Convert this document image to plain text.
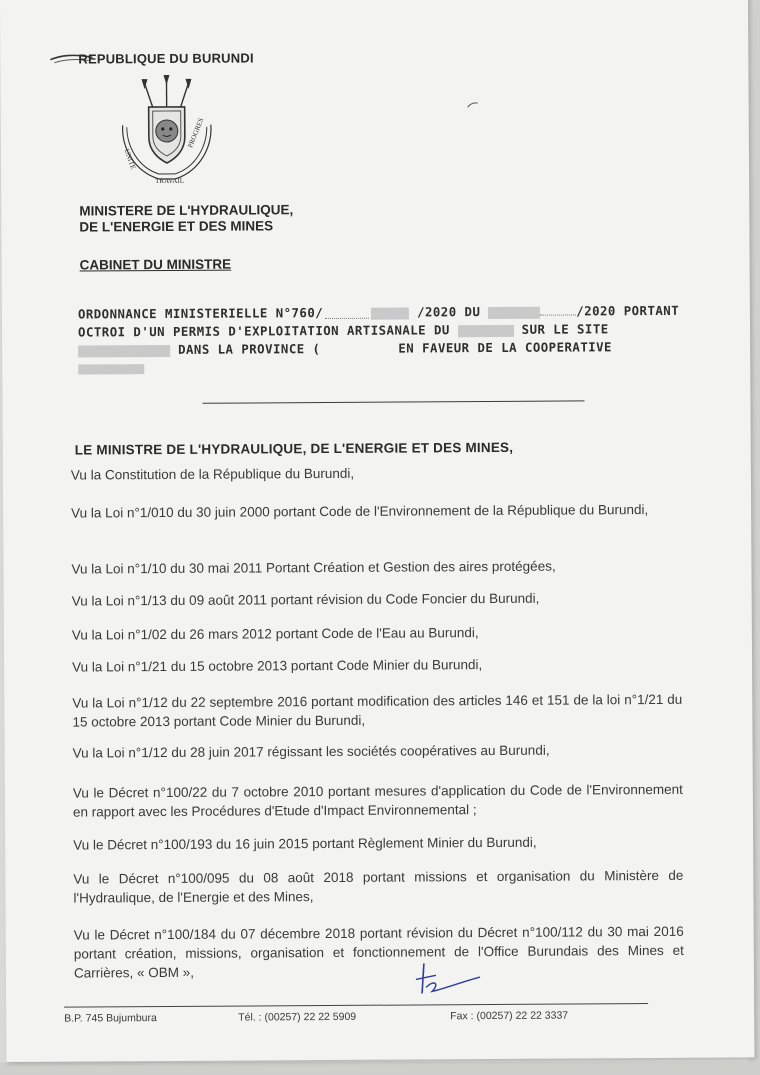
REPUBLIQUE DU BURUNDI
UNITE
TRAVAIL
PROGRES
MINISTERE DE L'HYDRAULIQUE,
DE L'ENERGIE ET DES MINES
CABINET DU MINISTRE
ORDONNANCE MINISTERIELLE N°760/	/2020 DU	/2020 PORTANT
OCTROI D'UN PERMIS D'EXPLOITATION ARTISANALE DU	SUR LE SITE
DANS LA PROVINCE (	EN FAVEUR DE LA COOPERATIVE
LE MINISTRE DE L'HYDRAULIQUE, DE L'ENERGIE ET DES MINES,
Vu la Constitution de la République du Burundi,
Vu la Loi n°1/010 du 30 juin 2000 portant Code de l'Environnement de la République du Burundi,
Vu la Loi n°1/10 du 30 mai 2011 Portant Création et Gestion des aires protégées,
Vu la Loi n°1/13 du 09 août 2011 portant révision du Code Foncier du Burundi,
Vu la Loi n°1/02 du 26 mars 2012 portant Code de l'Eau au Burundi,
Vu la Loi n°1/21 du 15 octobre 2013 portant Code Minier du Burundi,
Vu la Loi n°1/12 du 22 septembre 2016 portant modification des articles 146 et 151 de la loi n°1/21 du 15 octobre 2013 portant Code Minier du Burundi,
Vu la Loi n°1/12 du 28 juin 2017 régissant les sociétés coopératives au Burundi,
Vu le Décret n°100/22 du 7 octobre 2010 portant mesures d'application du Code de l'Environnement en rapport avec les Procédures d'Etude d'Impact Environnemental ;
Vu le Décret n°100/193 du 16 juin 2015 portant Règlement Minier du Burundi,
Vu le Décret n°100/095 du 08 août 2018 portant missions et organisation du Ministère de l'Hydraulique, de l'Energie et des Mines,
Vu le Décret n°100/184 du 07 décembre 2018 portant révision du Décret n°100/112 du 30 mai 2016 portant création, missions, organisation et fonctionnement de l'Office Burundais des Mines et Carrières, « OBM »,
B.P. 745 Bujumbura	Tél. : (00257) 22 22 5909	Fax : (00257) 22 22 3337
